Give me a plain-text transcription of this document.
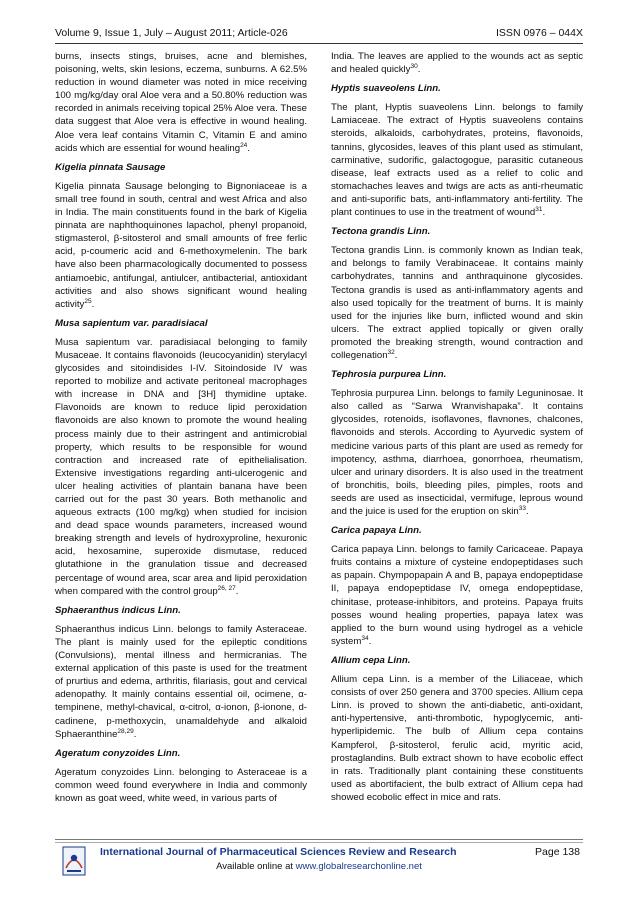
Volume 9, Issue 1, July – August 2011; Article-026	ISSN 0976 – 044X

burns, insects stings, bruises, acne and blemishes, poisoning, welts, skin lesions, eczema, sunburns. A 62.5% reduction in wound diameter was noted in mice receiving 100 mg/kg/day oral Aloe vera and a 50.80% reduction was recorded in animals receiving topical 25% Aloe vera. These data suggest that Aloe vera is effective in wound healing. Aloe vera leaf contains Vitamin C, Vitamin E and amino acids which are essential for wound healing$^{24}$.

Kigelia pinnata Sausage

Kigelia pinnata Sausage belonging to Bignoniaceae is a small tree found in south, central and west Africa and also in India. The main constituents found in the bark of Kigelia pinnata are naphthoquinones lapachol, phenyl propanoid, stigmasterol, β-sitosterol and small amounts of free ferlic acid, p-coumeric acid and 6-methoxymelenin. The bark have also been pharmacologically documented to possess antiamoebic, antifungal, antiulcer, antibacterial, antioxidant activities and also shows significant wound healing activity$^{25}$.

Musa sapientum var. paradisiacal

Musa sapientum var. paradisiacal belonging to family Musaceae. It contains flavonoids (leucocyanidin) sterylacyl glycosides and sitoindisides I-IV. Sitoindoside IV was reported to mobilize and activate peritoneal macrophages with increase in DNA and [3H] thymidine uptake. Flavonoids are known to reduce lipid peroxidation flavonoids are also known to promote the wound healing process mainly due to their astringent and antimicrobial property, which results to be responsible for wound contraction and increased rate of epithelialisation. Extensive investigations regarding anti-ulcerogenic and ulcer healing activities of plantain banana have been carried out for the past 30 years. Both methanolic and aqueous extracts (100 mg/kg) when studied for incision and dead space wounds parameters, increased wound breaking strength and levels of hydroxyproline, hexuronic acid, hexosamine, superoxide dismutase, reduced glutathione in the granulation tissue and decreased percentage of wound area, scar area and lipid peroxidation when compared with the control group$^{26, 27}$.

Sphaeranthus indicus Linn.

Sphaeranthus indicus Linn. belongs to family Asteraceae. The plant is mainly used for the epileptic conditions (Convulsions), mental illness and hermicranias. The external application of this paste is used for the treatment of prurtius and edema, arthritis, filariasis, gout and cervical adenopathy. It mainly contains essential oil, ocimene, α-tempinene, methyl-chavical, α-citrol, α-ionon, β-ionone, d-cadinene, p-methoxycin, unamaldehyde and alkaloid Sphaeranthine$^{28,29}$.

Ageratum conyzoides Linn.

Ageratum conyzoides Linn. belonging to Asteraceae is a common weed found everywhere in India and commonly known as goat weed, white weed, in various parts of

India. The leaves are applied to the wounds act as septic and healed quickly$^{30}$.

Hyptis suaveolens Linn.

The plant, Hyptis suaveolens Linn. belongs to family Lamiaceae. The extract of Hyptis suaveolens contains steroids, alkaloids, carbohydrates, proteins, flavonoids, tannins, glycosides, leaves of this plant used as stimulant, carminative, sudorific, galactogogue, parasitic cutaneous disease, leaf extracts used as a relief to colic and stomachaches leaves and twigs are acts as anti-rheumatic and anti-suporific bats, anti-inflammatory anti-fertility. The plant continues to use in the treatment of wound$^{31}$.

Tectona grandis Linn.

Tectona grandis Linn. is commonly known as Indian teak, and belongs to family Verabinaceae. It contains mainly carbohydrates, tannins and anthraquinone glycosides. Tectona grandis is used as anti-inflammatory agents and also used topically for the treatment of burns. It is mainly used for the injuries like burn, inflicted wound and skin ulcers. The extract applied topically or given orally promoted the breaking strength, wound contraction and collegenation$^{32}$.

Tephrosia purpurea Linn.

Tephrosia purpurea Linn. belongs to family Leguninosae. It also called as “Sarwa Wranvishapaka”. It contains glycosides, rotenoids, isoflavones, flavnones, chalcones, flavonoids and sterols. According to Ayurvedic system of medicine various parts of this plant are used as remedy for impotency, asthma, diarrhoea, gonorrhoea, rheumatism, ulcer and urinary disorders. It is also used in the treatment of bronchitis, boils, bleeding piles, pimples, roots and seeds are used as insecticidal, vermifuge, leprous wound and the juice is used for the eruption on skin$^{33}$.

Carica papaya Linn.

Carica papaya Linn. belongs to family Caricaceae. Papaya fruits contains a mixture of cysteine endopeptidases such as papain. Chympopapain A and B, papaya endopeptidase II, papaya endopeptidase IV, omega endopeptidase, chinitase, protease-inhibitors, and proteins. Papaya fruits posses wound healing properties, papaya latex was applied to the burn wound using hydrogel as a vehicle system$^{34}$.

Allium cepa Linn.

Allium cepa Linn. is a member of the Liliaceae, which consists of over 250 genera and 3700 species. Allium cepa Linn. is proved to shown the anti-diabetic, anti-oxidant, anti-hypertensive, anti-thrombotic, hypoglycemic, anti-hyperlipidemic. The bulb of Allium cepa contains Kampferol, β-sitosterol, ferulic acid, myritic acid, prostaglandins. Bulb extract shown to have ecobolic effect in rats. Traditionally plant containing these constituents used as abortifacient, the bulb extract of Allium cepa had showed ecobolic effect in mice and rats.

International Journal of Pharmaceutical Sciences Review and Research	Page 138
Available online at www.globalresearchonline.net
